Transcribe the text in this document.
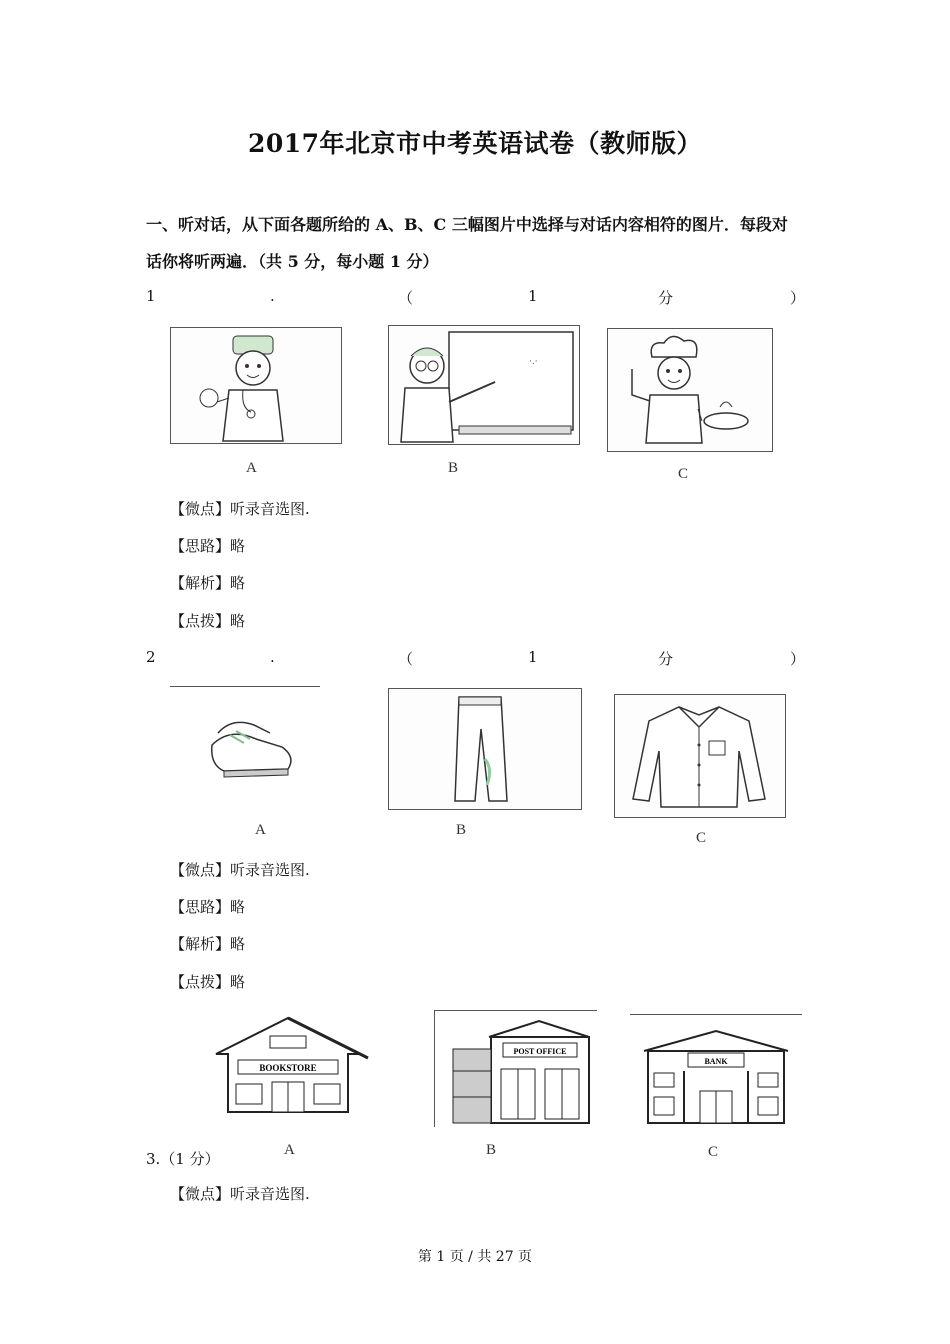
2017年北京市中考英语试卷（教师版）
一、听对话，从下面各题所给的 A、B、C 三幅图片中选择与对话内容相符的图片．每段对
话你将听两遍．（共 5 分，每小题 1 分）
1	.	（	1	分	）
A
·.·
B	C
【微点】听录音选图.
【思路】略
【解析】略
【点拨】略
2	.	（	1	分	）
A	B	C
【微点】听录音选图.
【思路】略
【解析】略
【点拨】略
BOOKSTORE
A
POST OFFICE
B
BANK
C
3.（1 分）
【微点】听录音选图.
第 1 页 / 共 27 页
